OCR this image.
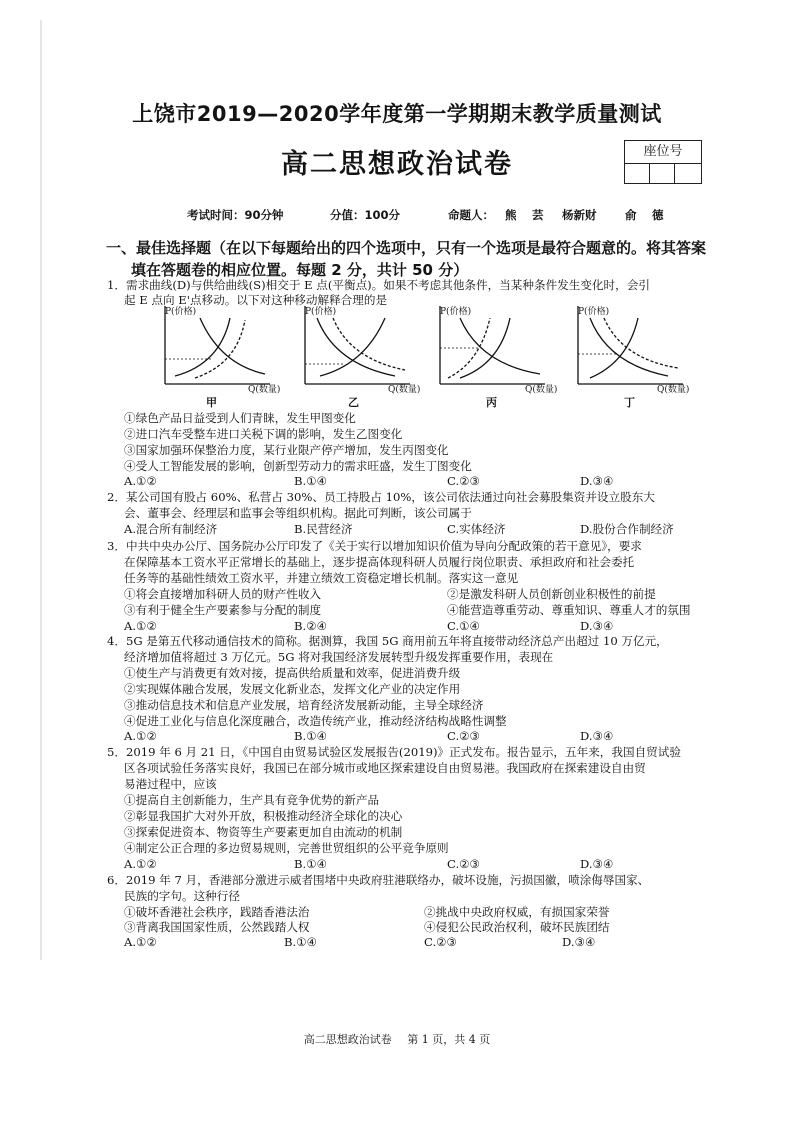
上饶市2019—2020学年度第一学期期末教学质量测试
高二思想政治试卷	座位号
考试时间：90分钟	分值：100分	命题人： 熊 芸 杨新财 俞 德
一、最佳选择题（在以下每题给出的四个选项中，只有一个选项是最符合题意的。将其答案
填在答题卷的相应位置。每题 2 分，共计 50 分）
1．需求曲线(D)与供给曲线(S)相交于 E 点(平衡点)。如果不考虑其他条件，当某种条件发生变化时，会引
起 E 点向 E'点移动。以下对这种移动解释合理的是
P(价格)
Q(数量)
甲
P(价格)
Q(数量)
乙
P(价格)
Q(数量)
丙
P(价格)
Q(数量)
丁
①绿色产品日益受到人们青睐，发生甲图变化
②进口汽车受整车进口关税下调的影响，发生乙图变化
③国家加强环保整治力度，某行业限产停产增加，发生丙图变化
④受人工智能发展的影响，创新型劳动力的需求旺盛，发生丁图变化
A.①②	B.①④	C.②③	D.③④
2．某公司国有股占 60%、私营占 30%、员工持股占 10%，该公司依法通过向社会募股集资并设立股东大
会、董事会、经理层和监事会等组织机构。据此可判断，该公司属于
A.混合所有制经济	B.民营经济	C.实体经济	D.股份合作制经济
3．中共中央办公厅、国务院办公厅印发了《关于实行以增加知识价值为导向分配政策的若干意见》，要求
在保障基本工资水平正常增长的基础上，逐步提高体现科研人员履行岗位职责、承担政府和社会委托
任务等的基础性绩效工资水平，并建立绩效工资稳定增长机制。落实这一意见
①将会直接增加科研人员的财产性收入	②是激发科研人员创新创业积极性的前提
③有利于健全生产要素参与分配的制度	④能营造尊重劳动、尊重知识、尊重人才的氛围
A.①②	B.②④	C.①④	D.③④
4．5G 是第五代移动通信技术的简称。据测算，我国 5G 商用前五年将直接带动经济总产出超过 10 万亿元，
经济增加值将超过 3 万亿元。5G 将对我国经济发展转型升级发挥重要作用，表现在
①使生产与消费更有效对接，提高供给质量和效率，促进消费升级
②实现媒体融合发展，发展文化新业态，发挥文化产业的决定作用
③推动信息技术和信息产业发展，培育经济发展新动能，主导全球经济
④促进工业化与信息化深度融合，改造传统产业，推动经济结构战略性调整
A.①②	B.①④	C.②③	D.③④
5．2019 年 6 月 21 日，《中国自由贸易试验区发展报告(2019)》正式发布。报告显示，五年来，我国自贸试验
区各项试验任务落实良好，我国已在部分城市或地区探索建设自由贸易港。我国政府在探索建设自由贸
易港过程中，应该
①提高自主创新能力，生产具有竞争优势的新产品
②彰显我国扩大对外开放，积极推动经济全球化的决心
③探索促进资本、物资等生产要素更加自由流动的机制
④制定公正合理的多边贸易规则，完善世贸组织的公平竞争原则
A.①②	B.①④	C.②③	D.③④
6．2019 年 7 月，香港部分激进示威者围堵中央政府驻港联络办，破坏设施，污损国徽，喷涂侮辱国家、
民族的字句。这种行径
①破坏香港社会秩序，践踏香港法治	②挑战中央政府权威，有损国家荣誉
③背离我国国家性质，公然践踏人权	④侵犯公民政治权利，破坏民族团结
A.①②	B.①④	C.②③	D.③④
高二思想政治试卷 第 1 页，共 4 页
